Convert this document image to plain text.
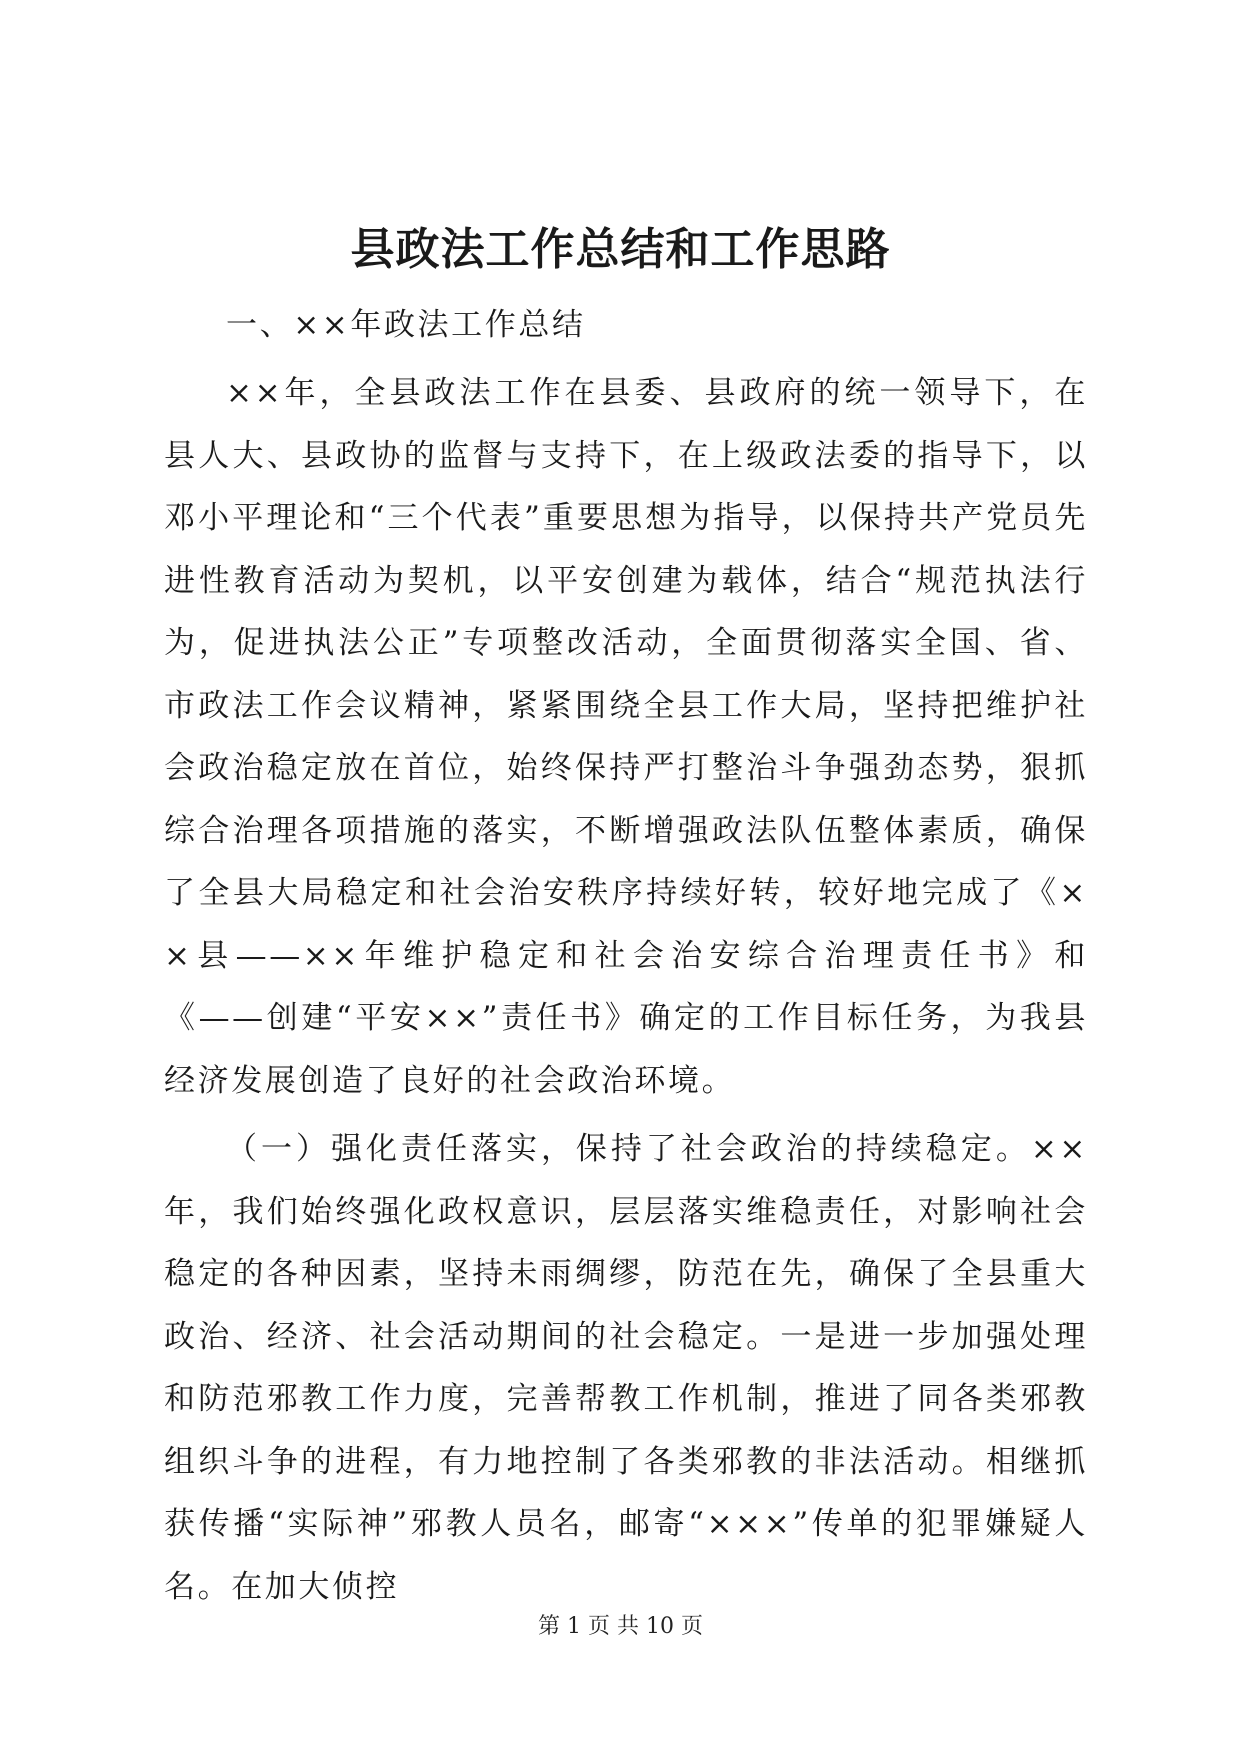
县政法工作总结和工作思路

一、××年政法工作总结

××年，全县政法工作在县委、县政府的统一领导下，在县人大、县政协的监督与支持下，在上级政法委的指导下，以邓小平理论和“三个代表”重要思想为指导，以保持共产党员先进性教育活动为契机，以平安创建为载体，结合“规范执法行为，促进执法公正”专项整改活动，全面贯彻落实全国、省、市政法工作会议精神，紧紧围绕全县工作大局，坚持把维护社会政治稳定放在首位，始终保持严打整治斗争强劲态势，狠抓综合治理各项措施的落实，不断增强政法队伍整体素质，确保了全县大局稳定和社会治安秩序持续好转，较好地完成了《××县——××年维护稳定和社会治安综合治理责任书》和《——创建“平安××”责任书》确定的工作目标任务，为我县经济发展创造了良好的社会政治环境。

（一）强化责任落实，保持了社会政治的持续稳定。××年，我们始终强化政权意识，层层落实维稳责任，对影响社会稳定的各种因素，坚持未雨绸缪，防范在先，确保了全县重大政治、经济、社会活动期间的社会稳定。一是进一步加强处理和防范邪教工作力度，完善帮教工作机制，推进了同各类邪教组织斗争的进程，有力地控制了各类邪教的非法活动。相继抓获传播“实际神”邪教人员名，邮寄“×××”传单的犯罪嫌疑人名。在加大侦控

第 1 页 共 10 页
